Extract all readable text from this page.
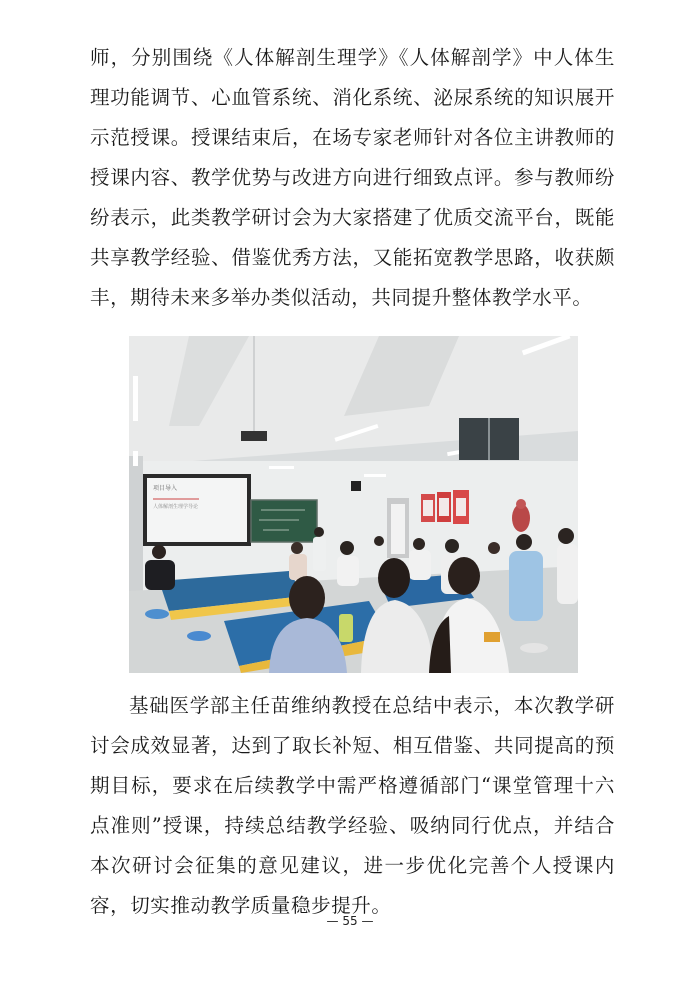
师，分别围绕《人体解剖生理学》《人体解剖学》中人体生理功能调节、心血管系统、消化系统、泌尿系统的知识展开示范授课。授课结束后，在场专家老师针对各位主讲教师的授课内容、教学优势与改进方向进行细致点评。参与教师纷纷表示，此类教学研讨会为大家搭建了优质交流平台，既能共享教学经验、借鉴优秀方法，又能拓宽教学思路，收获颇丰，期待未来多举办类似活动，共同提升整体教学水平。

项目导入
人体解剖生理学导论

基础医学部主任苗维纳教授在总结中表示，本次教学研讨会成效显著，达到了取长补短、相互借鉴、共同提高的预期目标，要求在后续教学中需严格遵循部门“课堂管理十六点准则”授课，持续总结教学经验、吸纳同行优点，并结合本次研讨会征集的意见建议，进一步优化完善个人授课内容，切实推动教学质量稳步提升。

— 55 —
